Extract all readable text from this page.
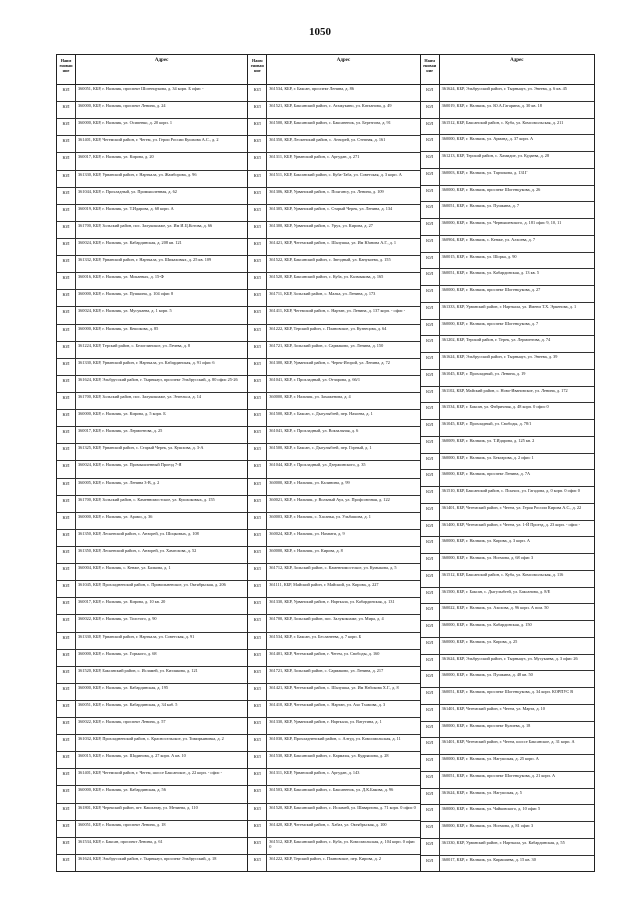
1050
Наим еноваи ние
Адрес
ЮЛ	360051, КБР, г. Нальчик, проспект Шогенцукова, д. 34 корп. Б офис -
ЮЛ	360000, КБР, г. Нальчик, проспект Ленина, д. 24
ЮЛ	360000, КБР, г. Нальчик, ул. Осипенко, д. 20 корп. 1
ЮЛ	361401, КБР, Чегемский район, г. Чегем, ул. Герои России Кушхова А.С., д. 2
ЮЛ	360017, КБР, г. Нальчик, ул. Кирова, д. 20
ЮЛ	361330, КБР, Урванский район, г. Нарткала, ул. Жамборова, д. 96
ЮЛ	361044, КБР, г. Прохладный, ул. Промышленная, д. 62
ЮЛ	360019, КБР, г. Нальчик, ул. Т.Идарова, д. 68 корп. А
ЮЛ	361700, КБР, Зольский район, пос. Залукокоаже, ул. Им И.Ц.Котова, д. 66
ЮЛ	360024, КБР, г. Нальчик, ул. Кабардинская, д. 208 кв. 121
ЮЛ	361332, КБР, Урванский район, г. Нарткала, ул. Шикаховых, д. 25 кв. 109
ЮЛ	360016, КБР, г. Нальчик, ул. Мокаевых, д. 15-Ф
ЮЛ	360000, КБР, г. Нальчик, ул. Пушкина, д. 104 офис 8
ЮЛ	360024, КБР, г. Нальчик, ул. Мусукаева, д. 1 корп. 5
ЮЛ	360000, КБР, г. Нальчик, ул. Кешокова, д. 85
ЮЛ	361224, КБР, Терский район, с. Белоглинское, ул. Лечева, д. 8
ЮЛ	361330, КБР, Урванский район, г. Нарткала, ул. Кабардинская, д. 91 офис 6
ЮЛ	361624, КБР, Эльбрусский район, г. Тырныауз, проспект Эльбрусский, д. 80 офис 25-26
ЮЛ	361700, КБР, Зольский район, пос. Залукокоаже, ул. Энгельса, д. 14
ЮЛ	360000, КБР, г. Нальчик, ул. Кирова, д. 5 корп. Б
ЮЛ	360017, КБР, г. Нальчик, ул. Лермонтова, д. 25
ЮЛ	361325, КБР, Урванский район, с. Старый Черек, ул. Кушхова, д. 3-А
ЮЛ	360024, КБР, г. Нальчик, ул. Промышленный Проезд 7-Я
ЮЛ	360005, КБР, г. Нальчик, ул. Ленина 3-В, д. 2
ЮЛ	361700, КБР, Зольский район, с. Каменномостское, ул. Кушхоковых, д. 155
ЮЛ	360000, КБР, г. Нальчик, ул. Арамо, д. 36
ЮЛ	361350, КБР, Лескенский район, с. Анзорей, ул. Шоцковых, д. 108
ЮЛ	361350, КБР, Лескенский район, с. Анзорей, ул. Хамгохова, д. 52
ЮЛ	360004, КБР, г. Нальчик, с. Кенже, ул. Балкова, д. 1
ЮЛ	361045, КБР, Прохладненский район, с. Привольненское, ул. Октябрьская, д. 206
ЮЛ	360017, КБР, г. Нальчик, ул. Кирова, д. 10 кв. 20
ЮЛ	360022, КБР, г. Нальчик, ул. Толстого, д. 90
ЮЛ	361330, КБР, Урванский район, г. Нарткала, ул. Советская, д. 91
ЮЛ	360000, КБР, г. Нальчик, ул. Горького, д. 68
ЮЛ	361520, КБР, Баксанский район, с. Исламей, ул. Кизлякова, д. 121
ЮЛ	360000, КБР, г. Нальчик, ул. Кабардинская, д. 195
ЮЛ	360051, КБР, г. Нальчик, ул. Кабардинская, д. 34 каб. 5
ЮЛ	360022, КБР, г. Нальчик, проспект Ленина, д. 57
ЮЛ	361032, КБР, Прохладненский район, с. Красносельское, ул. Тимирьяновка, д. 2
ЮЛ	360015, КБР, г. Нальчик, ул. Шадинова, д. 27 корп. А кв. 10
ЮЛ	361401, КБР, Чегемский район, г. Чегем, шоссе Баксанское, д. 22 корп. - офис -
ЮЛ	360000, КБР, г. Нальчик, ул. Кабардинская, д. 56
ЮЛ	361801, КБР, Черекский район, пгт. Кашхатау, ул. Мечиева, д. 110
ЮЛ	360051, КБР, г. Нальчик, проспект Ленина, д. 18
ЮЛ	361534, КБР, г. Баксан, проспект Ленина, д. 61
ЮЛ	361624, КБР, Эльбрусский район, г. Тырныауз, проспект Эльбрусский, д. 18
Наим еноваи ние
Адрес
ЮЛ	361534, КБР, г. Баксан, проспект Ленина, д. 86
ЮЛ	361521, КБР, Баксанский район, с. Атажукино, ул. Катханова, д. 49
ЮЛ	361500, КБР, Баксанский район, с. Баксаненок, ул. Березгова, д. 91
ЮЛ	361350, КБР, Лескенский район, с. Анзорей, ул. Степная, д. 161
ЮЛ	361311, КБР, Урванский район, с. Аргудан, д. 271
ЮЛ	361511, КБР, Баксанский район, с. Куба-Таба, ул. Советская, д. 3 корп. А
ЮЛ	361306, КБР, Урванский район, с. Псыгансу, ул. Ленина, д. 109
ЮЛ	361305, КБР, Урванский район, с. Старый Черек, ул. Ленина, д. 134
ЮЛ	361300, КБР, Урванский район, с. Урух, ул. Кирова, д. 27
ЮЛ	361421, КБР, Чегемский район, с. Шалушка, ул. Им Юанова А.Г., д. 1
ЮЛ	361522, КБР, Баксанский район, с. Звездный, ул. Канукоева, д. 155
ЮЛ	361520, КБР, Баксанский район, с. Куба, ул. Калмыкова, д. 165
ЮЛ	361711, КБР, Зольский район, с. Малка, ул. Ленина, д. 173
ЮЛ	361411, КБР, Чегемский район, с. Нартан, ул. Ленина, д. 137 корп. - офис -
ЮЛ	361222, КБР, Терский район, с. Плановское, ул. Кузнецова, д. 64
ЮЛ	361721, КБР, Зольский район, с. Сармаково, ул. Ленина, д. 150
ЮЛ	361300, КБР, Урванский район, с. Черек-Игорой, ул. Ленина, д. 72
ЮЛ	361041, КБР, г. Прохладный, ул. Отчарова, д. 66/1
ЮЛ	360000, КБР, г. Нальчик, ул. Захаженова, д. 4
ЮЛ	361500, КБР, г. Баксан, с. Дыгулыбгей, пер. Нахоева, д. 1
ЮЛ	361041, КБР, г. Прохладный, ул. Вокзальная, д. 6
ЮЛ	361500, КБР, г. Баксан, с. Дыгулыбгей, пер. Горный, д. 1
ЮЛ	361044, КБР, г. Прохладный, ул. Дзержинского, д. 35
ЮЛ	360000, КБР, г. Нальчик, ул. Калинина, д. 99
ЮЛ	360021, КБР, г. Нальчик, у. Вольный Аул, ул. Профсоюзная, д. 122
ЮЛ	360003, КБР, г. Нальчик, с. Хасанья, ул. Ульбашова, д. 1
ЮЛ	360024, КБР, г. Нальчик, ул. Нахвати, д. 9
ЮЛ	360000, КБР, г. Нальчик, ул. Кирова, д. 8
ЮЛ	361712, КБР, Зольский район, с. Каменномостское, ул. Кумыкова, д. 5
ЮЛ	361111, КБР, Майский район, г. Майский, ул. Кирова, д. 227
ЮЛ	361330, КБР, Урванский район, г. Нарткала, ул. Кабардинская, д. 131
ЮЛ	361700, КБР, Зольский район, пос. Залукокоаже, ул. Мира, д. 4
ЮЛ	361534, КБР, г. Баксан, ул. Бесланеева, д. 7 корп. Б
ЮЛ	361401, КБР, Чегемский район, г. Чегем, ул. Свободы, д. 160
ЮЛ	361721, КБР, Зольский район, с. Сармаково, ул. Ленина, д. 217
ЮЛ	361421, КБР, Чегемский район, с. Шалушка, ул. Им Набокова Х.Г., д. 8
ЮЛ	361410, КБР, Чегемский район, с. Нартан, ул. Ахо Тхамова, д. 3
ЮЛ	361330, КБР, Урванский район, г. Нарткала, ул. Ватутина, д. 1
ЮЛ	361030, КБР, Прохладненский район, с. Алтуд, ул. Комсомольская, д. 11
ЮЛ	361530, КБР, Баксанский район, с. Кармахы, ул. Кудряшова, д. 28
ЮЛ	361311, КБР, Урванский район, с. Аргудан, д. 143
ЮЛ	361503, КБР, Баксанский район, с. Баксаненок, ул. Д.К.Бакова, д. 96
ЮЛ	361520, КБР, Баксанский район, с. Исламей, ул. Шаваргина, д. 71 корп. 0 офис 0
ЮЛ	361420, КБР, Чегемский район, с. Хабаз, ул. Октябрьская, д. 100
ЮЛ	361512, КБР, Баксанский район, с. Куба, ул. Комсомольская, д. 104 корп. 0 офис 0
ЮЛ	361222, КБР, Терский район, с. Плановское, пер. Кирова, д. 2
Наим еноваи ние
Адрес
ЮЛ	361624, КБР, Эльбрусский район, г. Тырныауз, ул. Энеева, д. 6 кв. 45
ЮЛ	360019, КБР, г. Нальчик, ул. Ю.А.Гагарина, д. 30 кв. 18
ЮЛ	361512, КБР, Баксанский район, с. Куба, ул. Комсомольская, д. 211
ЮЛ	360000, КБР, г. Нальчик, ул. Арманд, д. 37 корп. А
ЮЛ	361213, КБР, Терский район, с. Хамидие, ул. Кудаева, д. 28
ЮЛ	360003, КБР, г. Нальчик, ул. Тарчокова, д. 131Г
ЮЛ	360000, КБР, г. Нальчик, проспект Шогенцукова, д. 26
ЮЛ	360051, КБР, г. Нальчик, ул. Пушкина, д. 7
ЮЛ	360000, КБР, г. Нальчик, ул. Чернышевского, д. 181 офис 9, 10, 11
ЮЛ	360904, КБР, г. Нальчик, с. Кенже, ул. Алхоева, д. 7
ЮЛ	360015, КБР, г. Нальчик, ул. Шорка, д. 90
ЮЛ	360051, КБР, г. Нальчик, ул. Кабардинская, д. 13 кв. 5
ЮЛ	360000, КБР, г. Нальчик, проспект Шогенцукова, д. 27
ЮЛ	361333, КБР, Урванский район, г. Нарткала, ул. Имени Т.Х. Эркенова, д. 1
ЮЛ	360000, КБР, г. Нальчик, проспект Шогенцукова, д. 7
ЮЛ	361202, КБР, Терский район, г. Терек, ул. Лермонтова, д. 74
ЮЛ	361624, КБР, Эльбрусский район, г. Тырныауз, ул. Энеева, д. 39
ЮЛ	361045, КБР, г. Прохладный, ул. Ленина, д. 19
ЮЛ	361102, КБР, Майский район, с. Ново-Ивановское, ул. Ленина, д. 172
ЮЛ	361534, КБР, г. Баксан, ул. Фабричная, д. 48 корп. 0 офис 0
ЮЛ	361045, КБР, г. Прохладный, ул. Свободы, д. 78/1
ЮЛ	360009, КБР, г. Нальчик, ул. Т.Идарова, д. 125 кв. 2
ЮЛ	360000, КБР, г. Нальчик, ул. Бекгарова, д. 2 офис 1
ЮЛ	360000, КБР, г. Нальчик, проспект Ленина, д. 7А
ЮЛ	361510, КБР, Баксанский район, с. Псычох, ул. Гагадова, д. 0 корп. 0 офис 0
ЮЛ	361401, КБР, Чегемский район, г. Чегем, ул. Героя России Кирова А.С., д. 22
ЮЛ	361400, КБР, Чегемский район, г. Чегем, ул. 1-Й Проезд, д. 23 корп. - офис -
ЮЛ	360000, КБР, г. Нальчик, ул. Кирова, д. 3 корп. А
ЮЛ	360000, КБР, г. Нальчик, ул. Ногмова, д. 68 офис 3
ЮЛ	361512, КБР, Баксанский район, с. Куба, ул. Комсомольская, д. 116
ЮЛ	361500, КБР, г. Баксан, с. Дыгулыбгей, ул. Баксанова, д. 8/Е
ЮЛ	360022, КБР, г. Нальчик, ул. Ахохова, д. 96 корп. А пом. 50
ЮЛ	360000, КБР, г. Нальчик, ул. Кабардинская, д. 150
ЮЛ	360000, КБР, г. Нальчик, ул. Кирова, д. 25
ЮЛ	361624, КБР, Эльбрусский район, г. Тырныауз, ул. Мусукаева, д. 3 офис 26
ЮЛ	360000, КБР, г. Нальчик, ул. Пушкина, д. 48 кв. 50
ЮЛ	360051, КБР, г. Нальчик, проспект Шогенцукова, д. 34 корп. КОРПУС В
ЮЛ	361401, КБР, Чегемский район, г. Чегем, ул. Марта, д. 10
ЮЛ	360000, КБР, г. Нальчик, проспект Кулиева, д. 18
ЮЛ	361401, КБР, Чегемский район, г. Чегем, шоссе Баксанское, д. 31 корп. А
ЮЛ	360000, КБР, г. Нальчик, ул. Нагушская, д. 25 корп. А
ЮЛ	360051, КБР, г. Нальчик, проспект Шогенцукова, д. 21 корп. А
ЮЛ	361624, КБР, г. Нальчик, ул. Нагушская, д. 5
ЮЛ	360000, КБР, г. Нальчик, ул. Чайковского, д. 10 офис 5
ЮЛ	360000, КБР, г. Нальчик, ул. Ногмова, д. 81 офис 3
ЮЛ	361330, КБР, Урванский район, г. Нарткала, ул. Кабардинская, д. 55
ЮЛ	360017, КБР, г. Нальчик, ул. Кирашаева, д. 15 кв. 30
